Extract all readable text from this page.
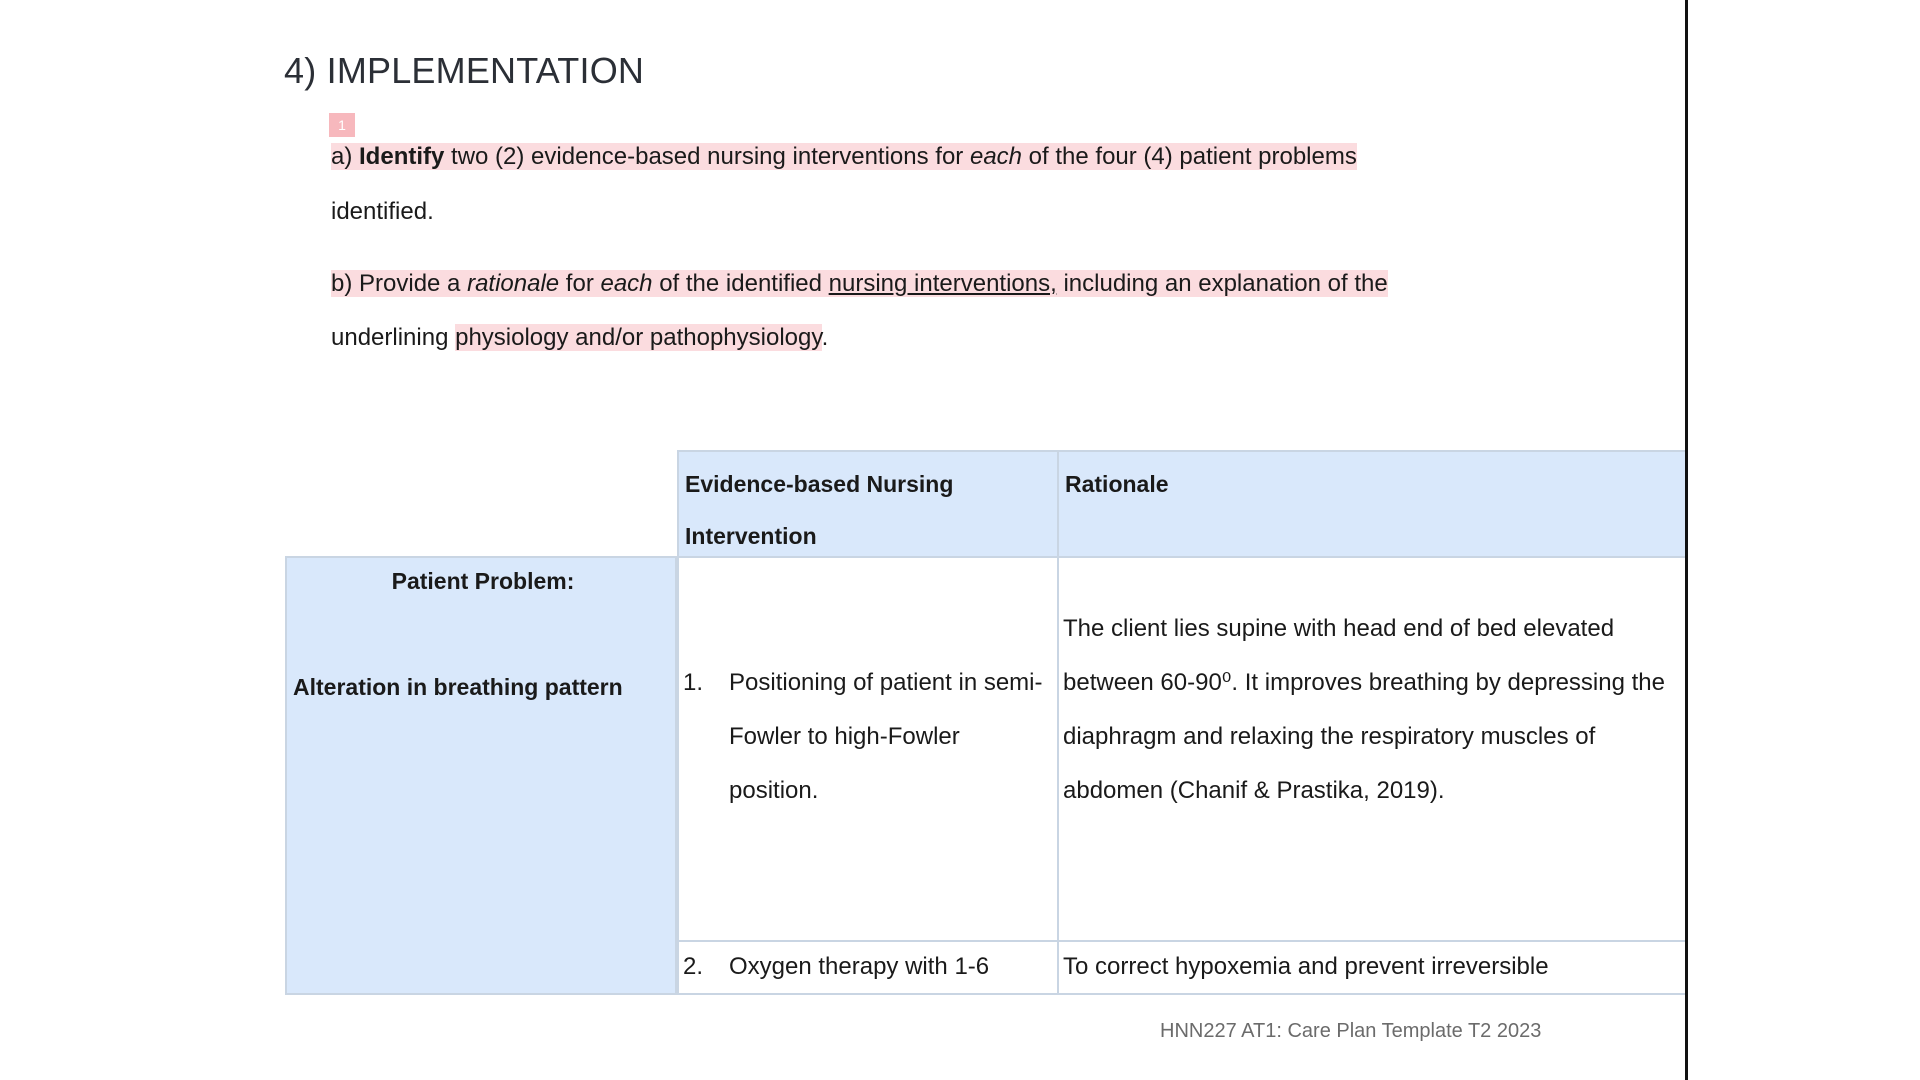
4) IMPLEMENTATION
1
a) Identify two (2) evidence-based nursing interventions for each of the four (4) patient problems
identified.
b) Provide a rationale for each of the identified nursing interventions, including an explanation of the
underlining physiology and/or pathophysiology.
Evidence-based Nursing
Intervention
Rationale
Patient Problem:
Alteration in breathing pattern	1. Positioning of patient in semi-Fowler to high-Fowler position.
The client lies supine with head end of bed elevated between 60-90⁰. It improves breathing by depressing the diaphragm and relaxing the respiratory muscles of abdomen (Chanif & Prastika, 2019).
2. Oxygen therapy with 1-6	To correct hypoxemia and prevent irreversible
HNN227 AT1: Care Plan Template T2 2023
